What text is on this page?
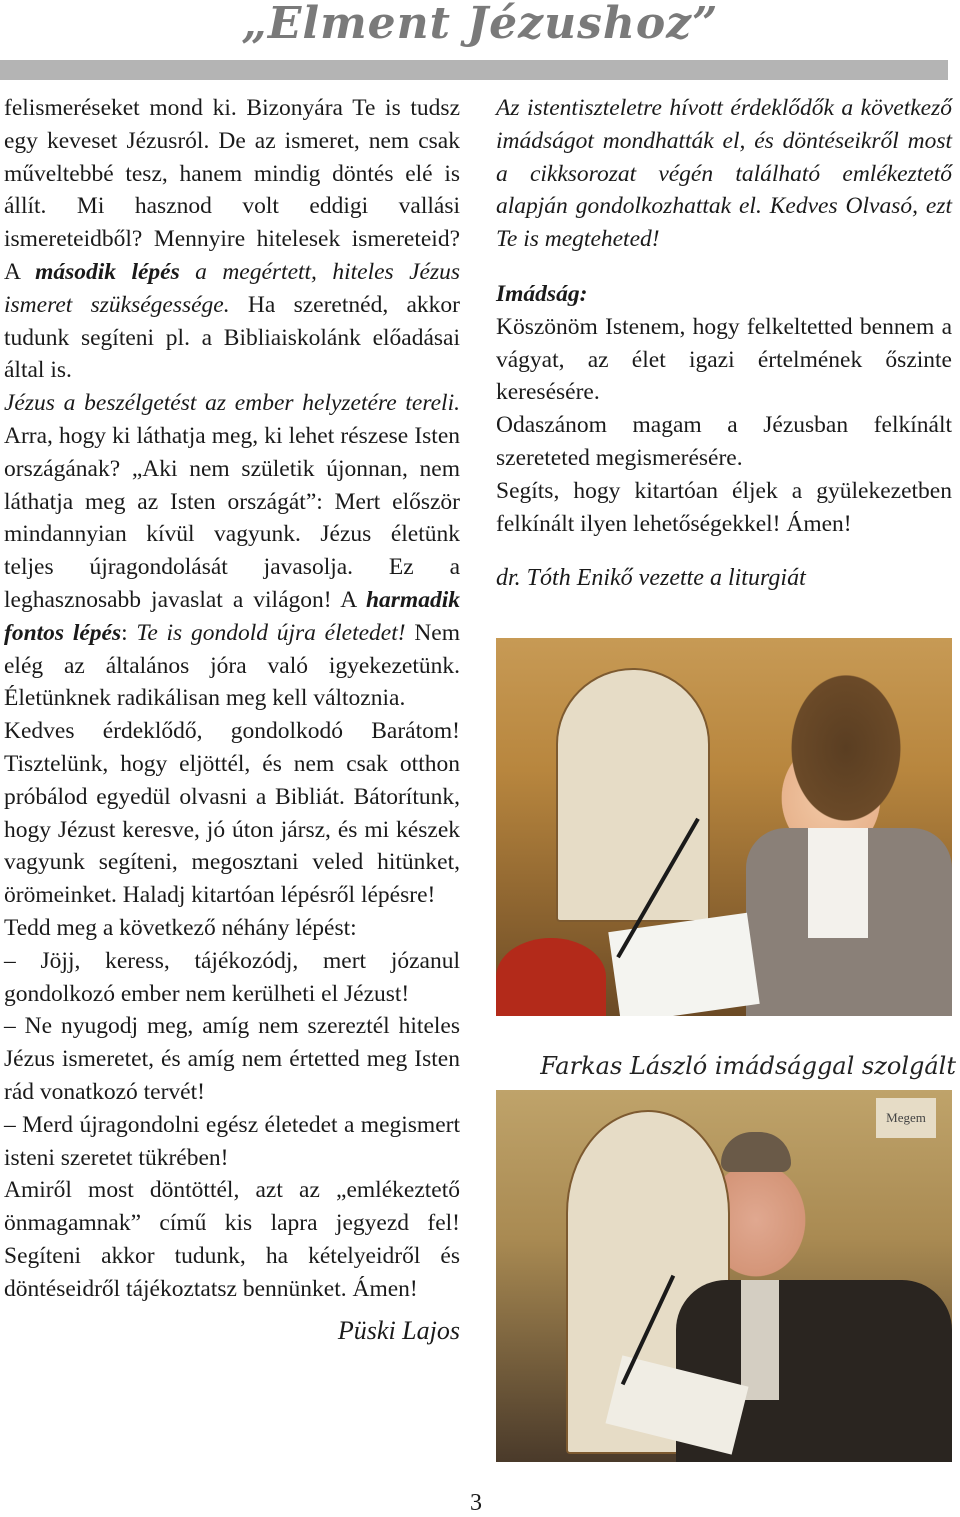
„Elment Jézushoz”

felismeréseket mond ki. Bizonyára Te is tudsz egy keveset Jézusról. De az ismeret, nem csak műveltebbé tesz, hanem mindig döntés elé is állít. Mi hasznod volt eddigi vallási ismereteidből? Mennyire hitelesek ismereteid? A második lépés a megértett, hiteles Jézus ismeret szükségessége. Ha szeretnéd, akkor tudunk segíteni pl. a Bibliaiskolánk előadásai által is.

Jézus a beszélgetést az ember helyzetére tereli. Arra, hogy ki láthatja meg, ki lehet részese Isten országának? „Aki nem születik újonnan, nem láthatja meg az Isten országát”: Mert először mindannyian kívül vagyunk. Jézus életünk teljes újragondolását javasolja. Ez a leghasznosabb javaslat a világon! A harmadik fontos lépés: Te is gondold újra életedet! Nem elég az általános jóra való igyekezetünk. Életünknek radikálisan meg kell változnia.

Kedves érdeklődő, gondolkodó Barátom! Tisztelünk, hogy eljöttél, és nem csak otthon próbálod egyedül olvasni a Bibliát. Bátorítunk, hogy Jézust keresve, jó úton jársz, és mi készek vagyunk segíteni, megosztani veled hitünket, örömeinket. Haladj kitartóan lépésről lépésre!

Tedd meg a következő néhány lépést:

– Jöjj, keress, tájékozódj, mert józanul gondolkozó ember nem kerülheti el Jézust!

– Ne nyugodj meg, amíg nem szereztél hiteles Jézus ismeretet, és amíg nem értetted meg Isten rád vonatkozó tervét!

– Merd újragondolni egész életedet a megismert isteni szeretet tükrében!

Amiről most döntöttél, azt az „emlékeztető önmagamnak” című kis lapra jegyezd fel! Segíteni akkor tudunk, ha kételyeidről és döntéseidről tájékoztatsz bennünket. Ámen!

Püski Lajos

Az istentiszteletre hívott érdeklődők a következő imádságot mondhatták el, és döntéseikről most a cikksorozat végén található emlékeztető alapján gondolkozhattak el. Kedves Olvasó, ezt Te is megteheted!

Imádság:

Köszönöm Istenem, hogy felkeltetted bennem a vágyat, az élet igazi értelmének őszinte keresésére.

Odaszánom magam a Jézusban felkínált szereteted megismerésére.

Segíts, hogy kitartóan éljek a gyülekezetben felkínált ilyen lehetőségekkel! Ámen!

dr. Tóth Enikő vezette a liturgiát

Farkas László imádsággal szolgált
Megem
3
